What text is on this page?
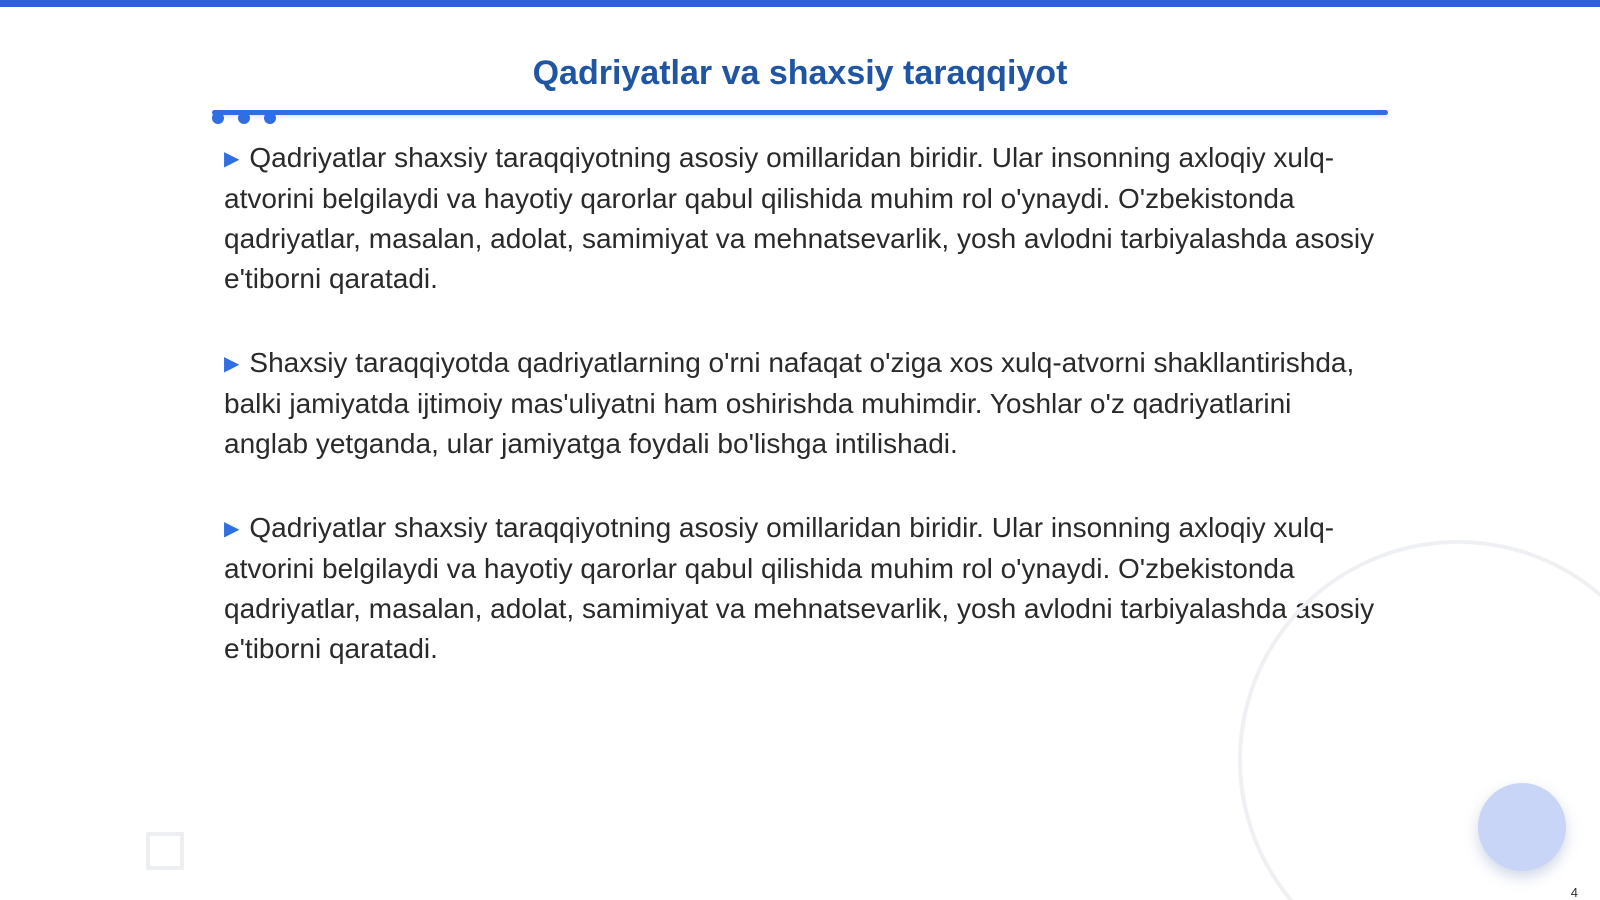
Qadriyatlar va shaxsiy taraqqiyot

▶ Qadriyatlar shaxsiy taraqqiyotning asosiy omillaridan biridir. Ular insonning axloqiy xulq-atvorini belgilaydi va hayotiy qarorlar qabul qilishida muhim rol o'ynaydi. O'zbekistonda qadriyatlar, masalan, adolat, samimiyat va mehnatsevarlik, yosh avlodni tarbiyalashda asosiy e'tiborni qaratadi.

▶ Shaxsiy taraqqiyotda qadriyatlarning o'rni nafaqat o'ziga xos xulq-atvorni shakllantirishda, balki jamiyatda ijtimoiy mas'uliyatni ham oshirishda muhimdir. Yoshlar o'z qadriyatlarini anglab yetganda, ular jamiyatga foydali bo'lishga intilishadi.

▶ Qadriyatlar shaxsiy taraqqiyotning asosiy omillaridan biridir. Ular insonning axloqiy xulq-atvorini belgilaydi va hayotiy qarorlar qabul qilishida muhim rol o'ynaydi. O'zbekistonda qadriyatlar, masalan, adolat, samimiyat va mehnatsevarlik, yosh avlodni tarbiyalashda asosiy e'tiborni qaratadi.

4
